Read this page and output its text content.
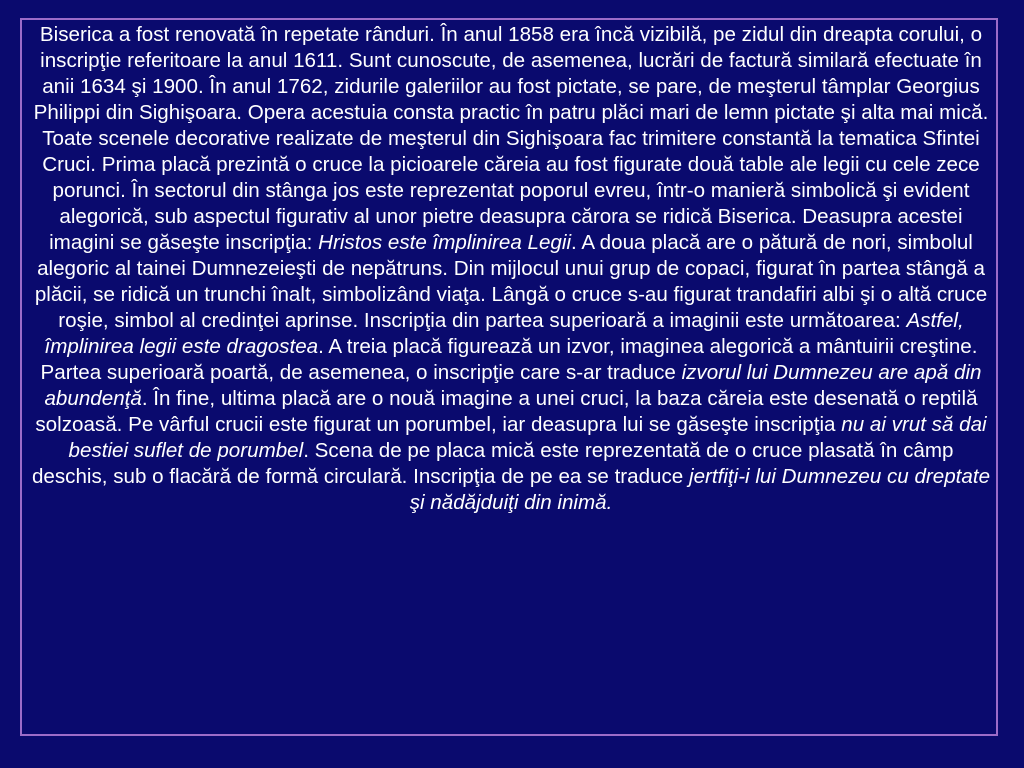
Biserica a fost renovată în repetate rânduri. În anul 1858 era încă vizibilă, pe zidul din dreapta corului, o inscripţie referitoare la anul 1611. Sunt cunoscute, de asemenea, lucrări de factură similară efectuate în anii 1634 şi 1900. În anul 1762, zidurile galeriilor au fost pictate, se pare, de meşterul tâmplar Georgius Philippi din Sighişoara. Opera acestuia consta practic în patru plăci mari de lemn pictate şi alta mai mică. Toate scenele decorative realizate de meşterul din Sighişoara fac trimitere constantă la tematica Sfintei Cruci. Prima placă prezintă o cruce la picioarele căreia au fost figurate două table ale legii cu cele zece porunci. În sectorul din stânga jos este reprezentat poporul evreu, într-o manieră simbolică şi evident alegorică, sub aspectul figurativ al unor pietre deasupra cărora se ridică Biserica. Deasupra acestei imagini se găseşte inscripţia: Hristos este împlinirea Legii. A doua placă are o pătură de nori, simbolul alegoric al tainei Dumnezeieşti de nepătruns. Din mijlocul unui grup de copaci, figurat în partea stângă a plăcii, se ridică un trunchi înalt, simbolizând viaţa. Lângă o cruce s-au figurat trandafiri albi şi o altă cruce roşie, simbol al credinţei aprinse. Inscripţia din partea superioară a imaginii este următoarea: Astfel, împlinirea legii este dragostea. A treia placă figurează un izvor, imaginea alegorică a mântuirii creştine. Partea superioară poartă, de asemenea, o inscripţie care s-ar traduce izvorul lui Dumnezeu are apă din abundenţă. În fine, ultima placă are o nouă imagine a unei cruci, la baza căreia este desenată o reptilă solzoasă. Pe vârful crucii este figurat un porumbel, iar deasupra lui se găseşte inscripţia nu ai vrut să dai bestiei suflet de porumbel. Scena de pe placa mică este reprezentată de o cruce plasată în câmp deschis, sub o flacără de formă circulară. Inscripţia de pe ea se traduce jertfiţi-i lui Dumnezeu cu dreptate şi nădăjduiţi din inimă.
